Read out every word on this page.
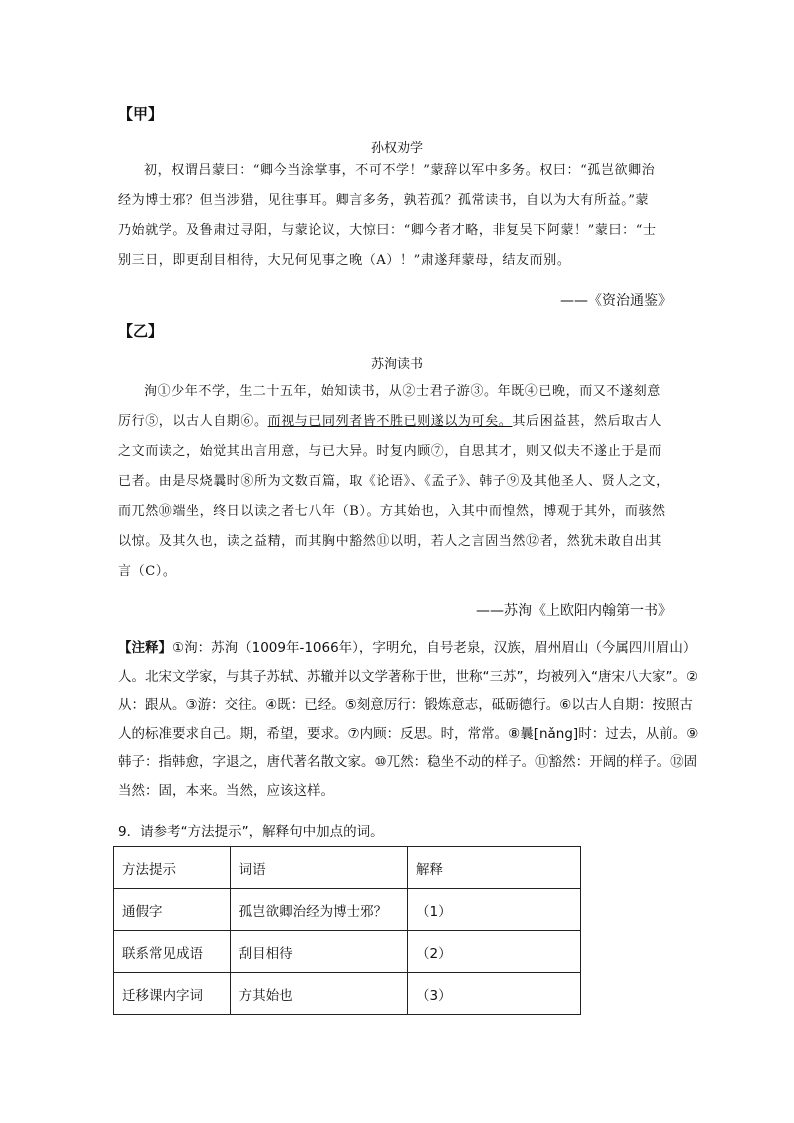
【甲】
孙权劝学

初，权谓吕蒙曰：“卿今当涂掌事，不可不学！”蒙辞以军中多务。权曰：“孤岂欲卿治

经为博士邪？但当涉猎，见往事耳。卿言多务，孰若孤？孤常读书，自以为大有所益。”蒙

乃始就学。及鲁肃过寻阳，与蒙论议，大惊曰：“卿今者才略，非复吴下阿蒙！”蒙曰：“士

别三日，即更刮目相待，大兄何见事之晚（A）！”肃遂拜蒙母，结友而别。

——《资治通鉴》
【乙】
苏洵读书

洵①少年不学，生二十五年，始知读书，从②士君子游③。年既④已晚，而又不遂刻意

厉行⑤，以古人自期⑥。而视与已同列者皆不胜已则遂以为可矣。其后困益甚，然后取古人

之文而读之，始觉其出言用意，与已大异。时复内顾⑦，自思其才，则又似夫不遂止于是而

已者。由是尽烧曩时⑧所为文数百篇，取《论语》、《孟子》、韩子⑨及其他圣人、贤人之文，

而兀然⑩端坐，终日以读之者七八年（B）。方其始也，入其中而惶然，博观于其外，而骇然

以惊。及其久也，读之益精，而其胸中豁然⑪以明，若人之言固当然⑫者，然犹未敢自出其

言（C）。

——苏洵《上欧阳内翰第一书》
【注释】①洵：苏洵（1009年-1066年），字明允，自号老泉，汉族，眉州眉山（今属四川眉山）人。北宋文学家，与其子苏轼、苏辙并以文学著称于世，世称“三苏”，均被列入“唐宋八大家”。②从：跟从。③游：交往。④既：已经。⑤刻意厉行：锻炼意志，砥砺德行。⑥以古人自期：按照古人的标准要求自己。期，希望，要求。⑦内顾：反思。时，常常。⑧曩[nǎng]时：过去，从前。⑨韩子：指韩愈，字退之，唐代著名散文家。⑩兀然：稳坐不动的样子。⑪豁然：开阔的样子。⑫固当然：固，本来。当然，应该这样。
9．请参考“方法提示”，解释句中加点的词。
方法提示	词语	解释
通假字	孤岂欲卿治经为博士邪？	（1）
联系常见成语	刮目相待	（2）
迁移课内字词	方其始也	（3）
